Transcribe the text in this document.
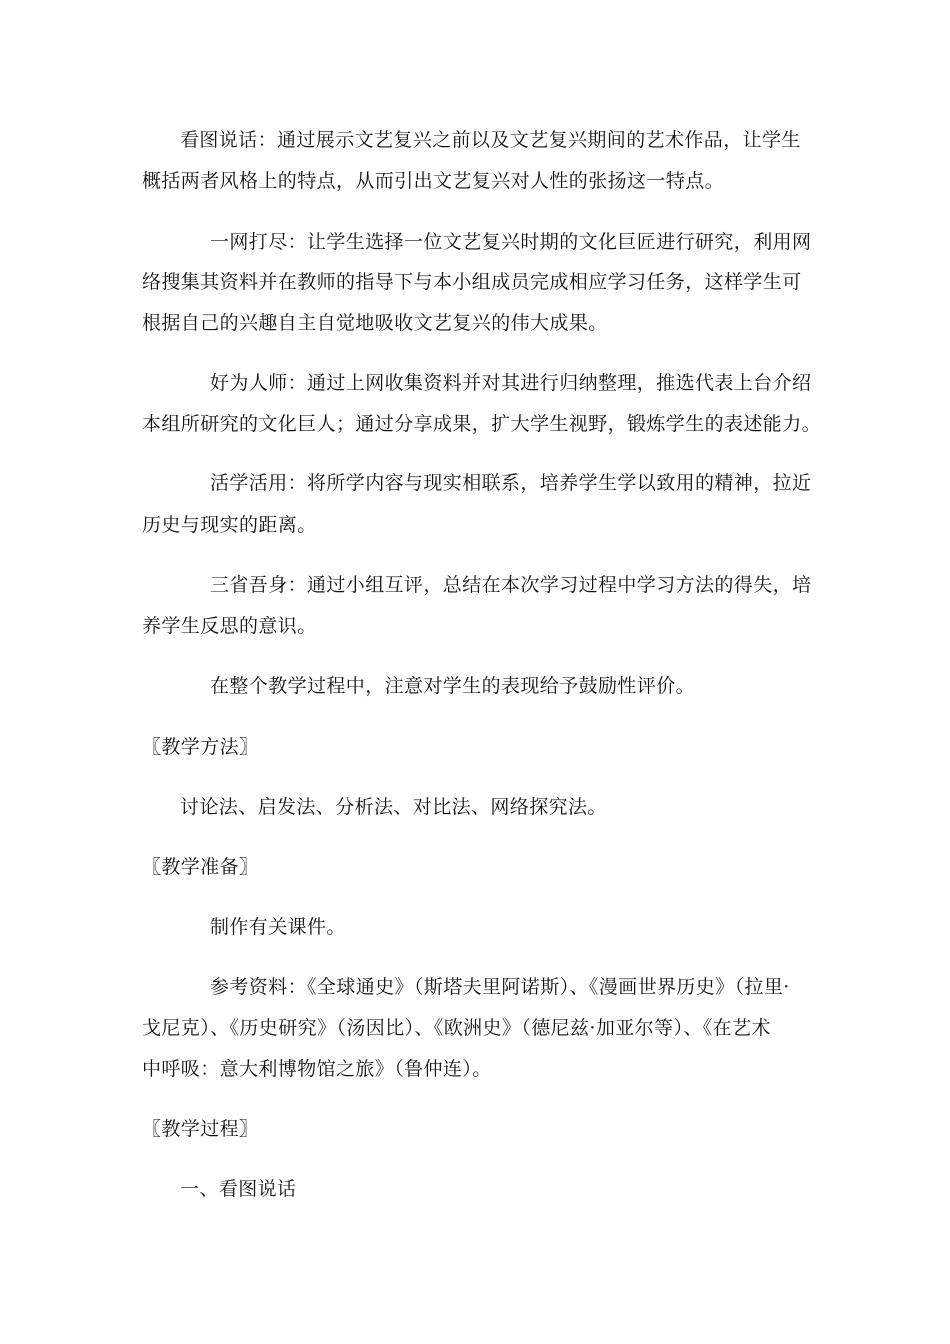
看图说话：通过展示文艺复兴之前以及文艺复兴期间的艺术作品，让学生
概括两者风格上的特点，从而引出文艺复兴对人性的张扬这一特点。
一网打尽：让学生选择一位文艺复兴时期的文化巨匠进行研究，利用网
络搜集其资料并在教师的指导下与本小组成员完成相应学习任务，这样学生可
根据自己的兴趣自主自觉地吸收文艺复兴的伟大成果。
好为人师：通过上网收集资料并对其进行归纳整理，推选代表上台介绍
本组所研究的文化巨人；通过分享成果，扩大学生视野，锻炼学生的表述能力。
活学活用：将所学内容与现实相联系，培养学生学以致用的精神，拉近
历史与现实的距离。
三省吾身：通过小组互评，总结在本次学习过程中学习方法的得失，培
养学生反思的意识。
在整个教学过程中，注意对学生的表现给予鼓励性评价。
〖教学方法〗
讨论法、启发法、分析法、对比法、网络探究法。
〖教学准备〗
制作有关课件。
参考资料：《全球通史》（斯塔夫里阿诺斯）、《漫画世界历史》（拉里·
戈尼克）、《历史研究》（汤因比）、《欧洲史》（德尼兹·加亚尔等）、《在艺术
中呼吸：意大利博物馆之旅》（鲁仲连）。
〖教学过程〗
一、看图说话
